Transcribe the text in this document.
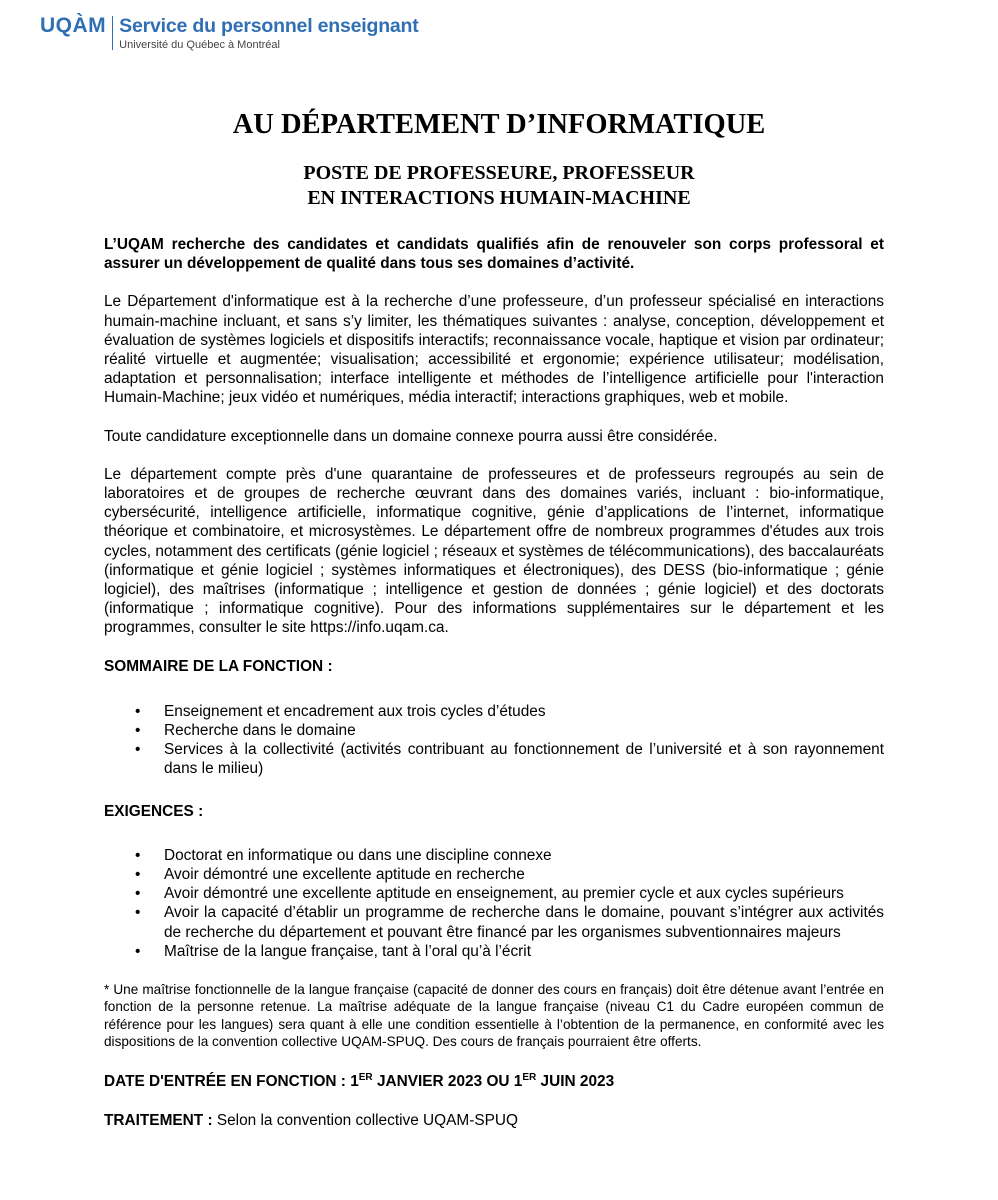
UQÀM Service du personnel enseignant
Université du Québec à Montréal
AU DÉPARTEMENT D’INFORMATIQUE
POSTE DE PROFESSEURE, PROFESSEUR
EN INTERACTIONS HUMAIN-MACHINE

L’UQAM recherche des candidates et candidats qualifiés afin de renouveler son corps professoral et assurer un développement de qualité dans tous ses domaines d’activité.

Le Département d'informatique est à la recherche d’une professeure, d’un professeur spécialisé en interactions humain-machine incluant, et sans s’y limiter, les thématiques suivantes : analyse, conception, développement et évaluation de systèmes logiciels et dispositifs interactifs; reconnaissance vocale, haptique et vision par ordinateur; réalité virtuelle et augmentée; visualisation; accessibilité et ergonomie; expérience utilisateur; modélisation, adaptation et personnalisation; interface intelligente et méthodes de l’intelligence artificielle pour l'interaction Humain-Machine; jeux vidéo et numériques, média interactif; interactions graphiques, web et mobile.

Toute candidature exceptionnelle dans un domaine connexe pourra aussi être considérée.

Le département compte près d'une quarantaine de professeures et de professeurs regroupés au sein de laboratoires et de groupes de recherche œuvrant dans des domaines variés, incluant : bio-informatique, cybersécurité, intelligence artificielle, informatique cognitive, génie d’applications de l’internet, informatique théorique et combinatoire, et microsystèmes. Le département offre de nombreux programmes d'études aux trois cycles, notamment des certificats (génie logiciel ; réseaux et systèmes de télécommunications), des baccalauréats (informatique et génie logiciel ; systèmes informatiques et électroniques), des DESS (bio-informatique ; génie logiciel), des maîtrises (informatique ; intelligence et gestion de données ; génie logiciel) et des doctorats (informatique ; informatique cognitive). Pour des informations supplémentaires sur le département et les programmes, consulter le site https://info.uqam.ca.

SOMMAIRE DE LA FONCTION :

• Enseignement et encadrement aux trois cycles d’études
• Recherche dans le domaine
• Services à la collectivité (activités contribuant au fonctionnement de l’université et à son rayonnement dans le milieu)

EXIGENCES :

• Doctorat en informatique ou dans une discipline connexe
• Avoir démontré une excellente aptitude en recherche
• Avoir démontré une excellente aptitude en enseignement, au premier cycle et aux cycles supérieurs
• Avoir la capacité d’établir un programme de recherche dans le domaine, pouvant s’intégrer aux activités de recherche du département et pouvant être financé par les organismes subventionnaires majeurs
• Maîtrise de la langue française, tant à l’oral qu’à l’écrit

* Une maîtrise fonctionnelle de la langue française (capacité de donner des cours en français) doit être détenue avant l’entrée en fonction de la personne retenue. La maîtrise adéquate de la langue française (niveau C1 du Cadre européen commun de référence pour les langues) sera quant à elle une condition essentielle à l’obtention de la permanence, en conformité avec les dispositions de la convention collective UQAM-SPUQ. Des cours de français pourraient être offerts.

DATE D'ENTRÉE EN FONCTION : 1ER JANVIER 2023 OU 1ER JUIN 2023

TRAITEMENT : Selon la convention collective UQAM-SPUQ
